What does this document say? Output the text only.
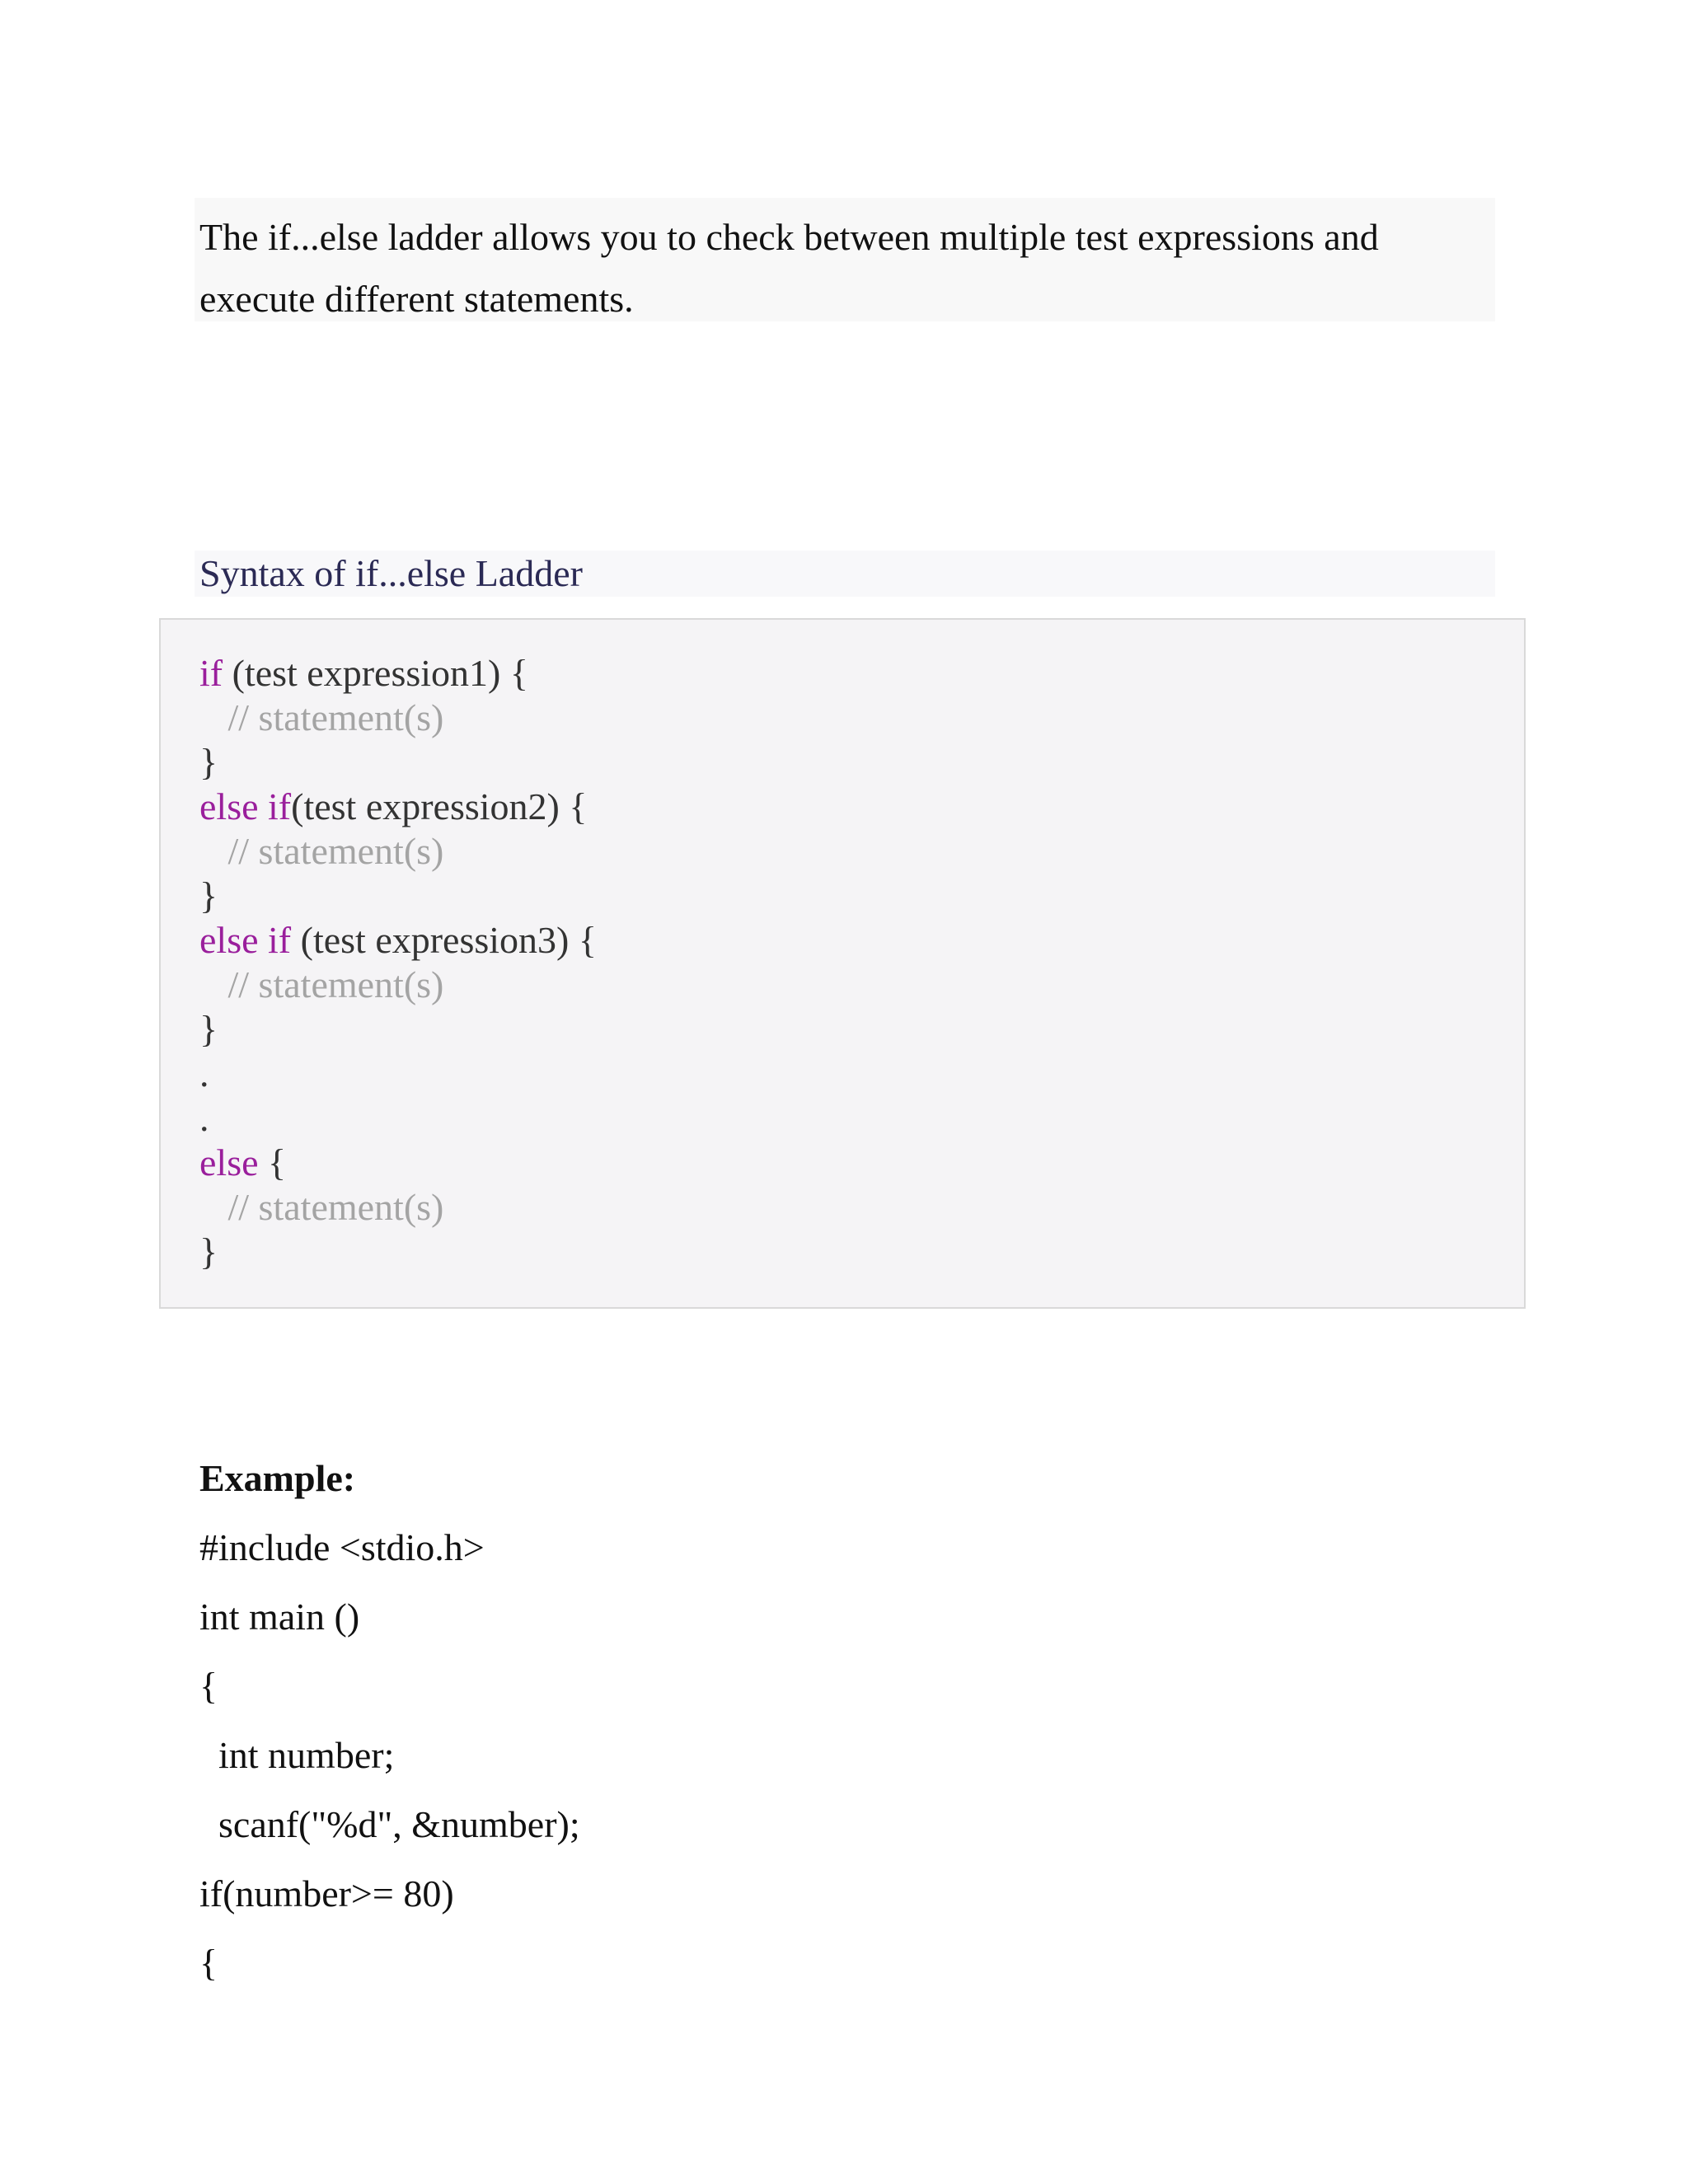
The if...else ladder allows you to check between multiple test expressions and

execute different statements.

Syntax of if...else Ladder
if (test expression1) {
// statement(s)
}
else if(test expression2) {
// statement(s)
}
else if (test expression3) {
// statement(s)
}
.
.
else {
// statement(s)
}
Example:
#include <stdio.h>
int main ()
{
int number;
scanf("%d", &number);
if(number>= 80)
{
